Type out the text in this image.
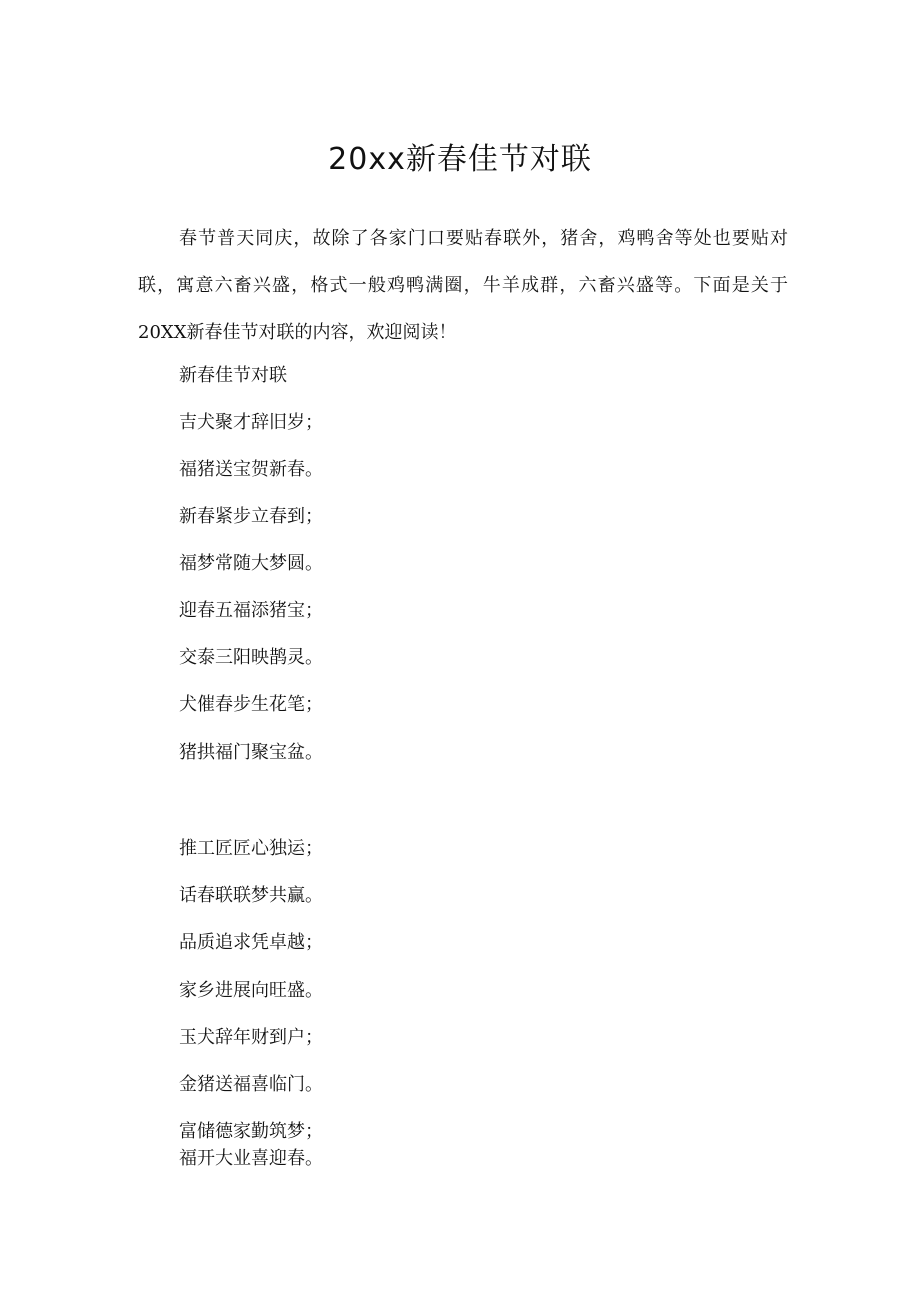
20xx新春佳节对联
春节普天同庆，故除了各家门口要贴春联外，猪舍，鸡鸭舍等处也要贴对联，寓意六畜兴盛，格式一般鸡鸭满圈，牛羊成群，六畜兴盛等。下面是关于20XX新春佳节对联的内容，欢迎阅读！
新春佳节对联
吉犬聚才辞旧岁；
福猪送宝贺新春。
新春紧步立春到；
福梦常随大梦圆。
迎春五福添猪宝；
交泰三阳映鹊灵。
犬催春步生花笔；
猪拱福门聚宝盆。
推工匠匠心独运；
话春联联梦共赢。
品质追求凭卓越；
家乡进展向旺盛。
玉犬辞年财到户；
金猪送福喜临门。
富储德家勤筑梦；
福开大业喜迎春。
